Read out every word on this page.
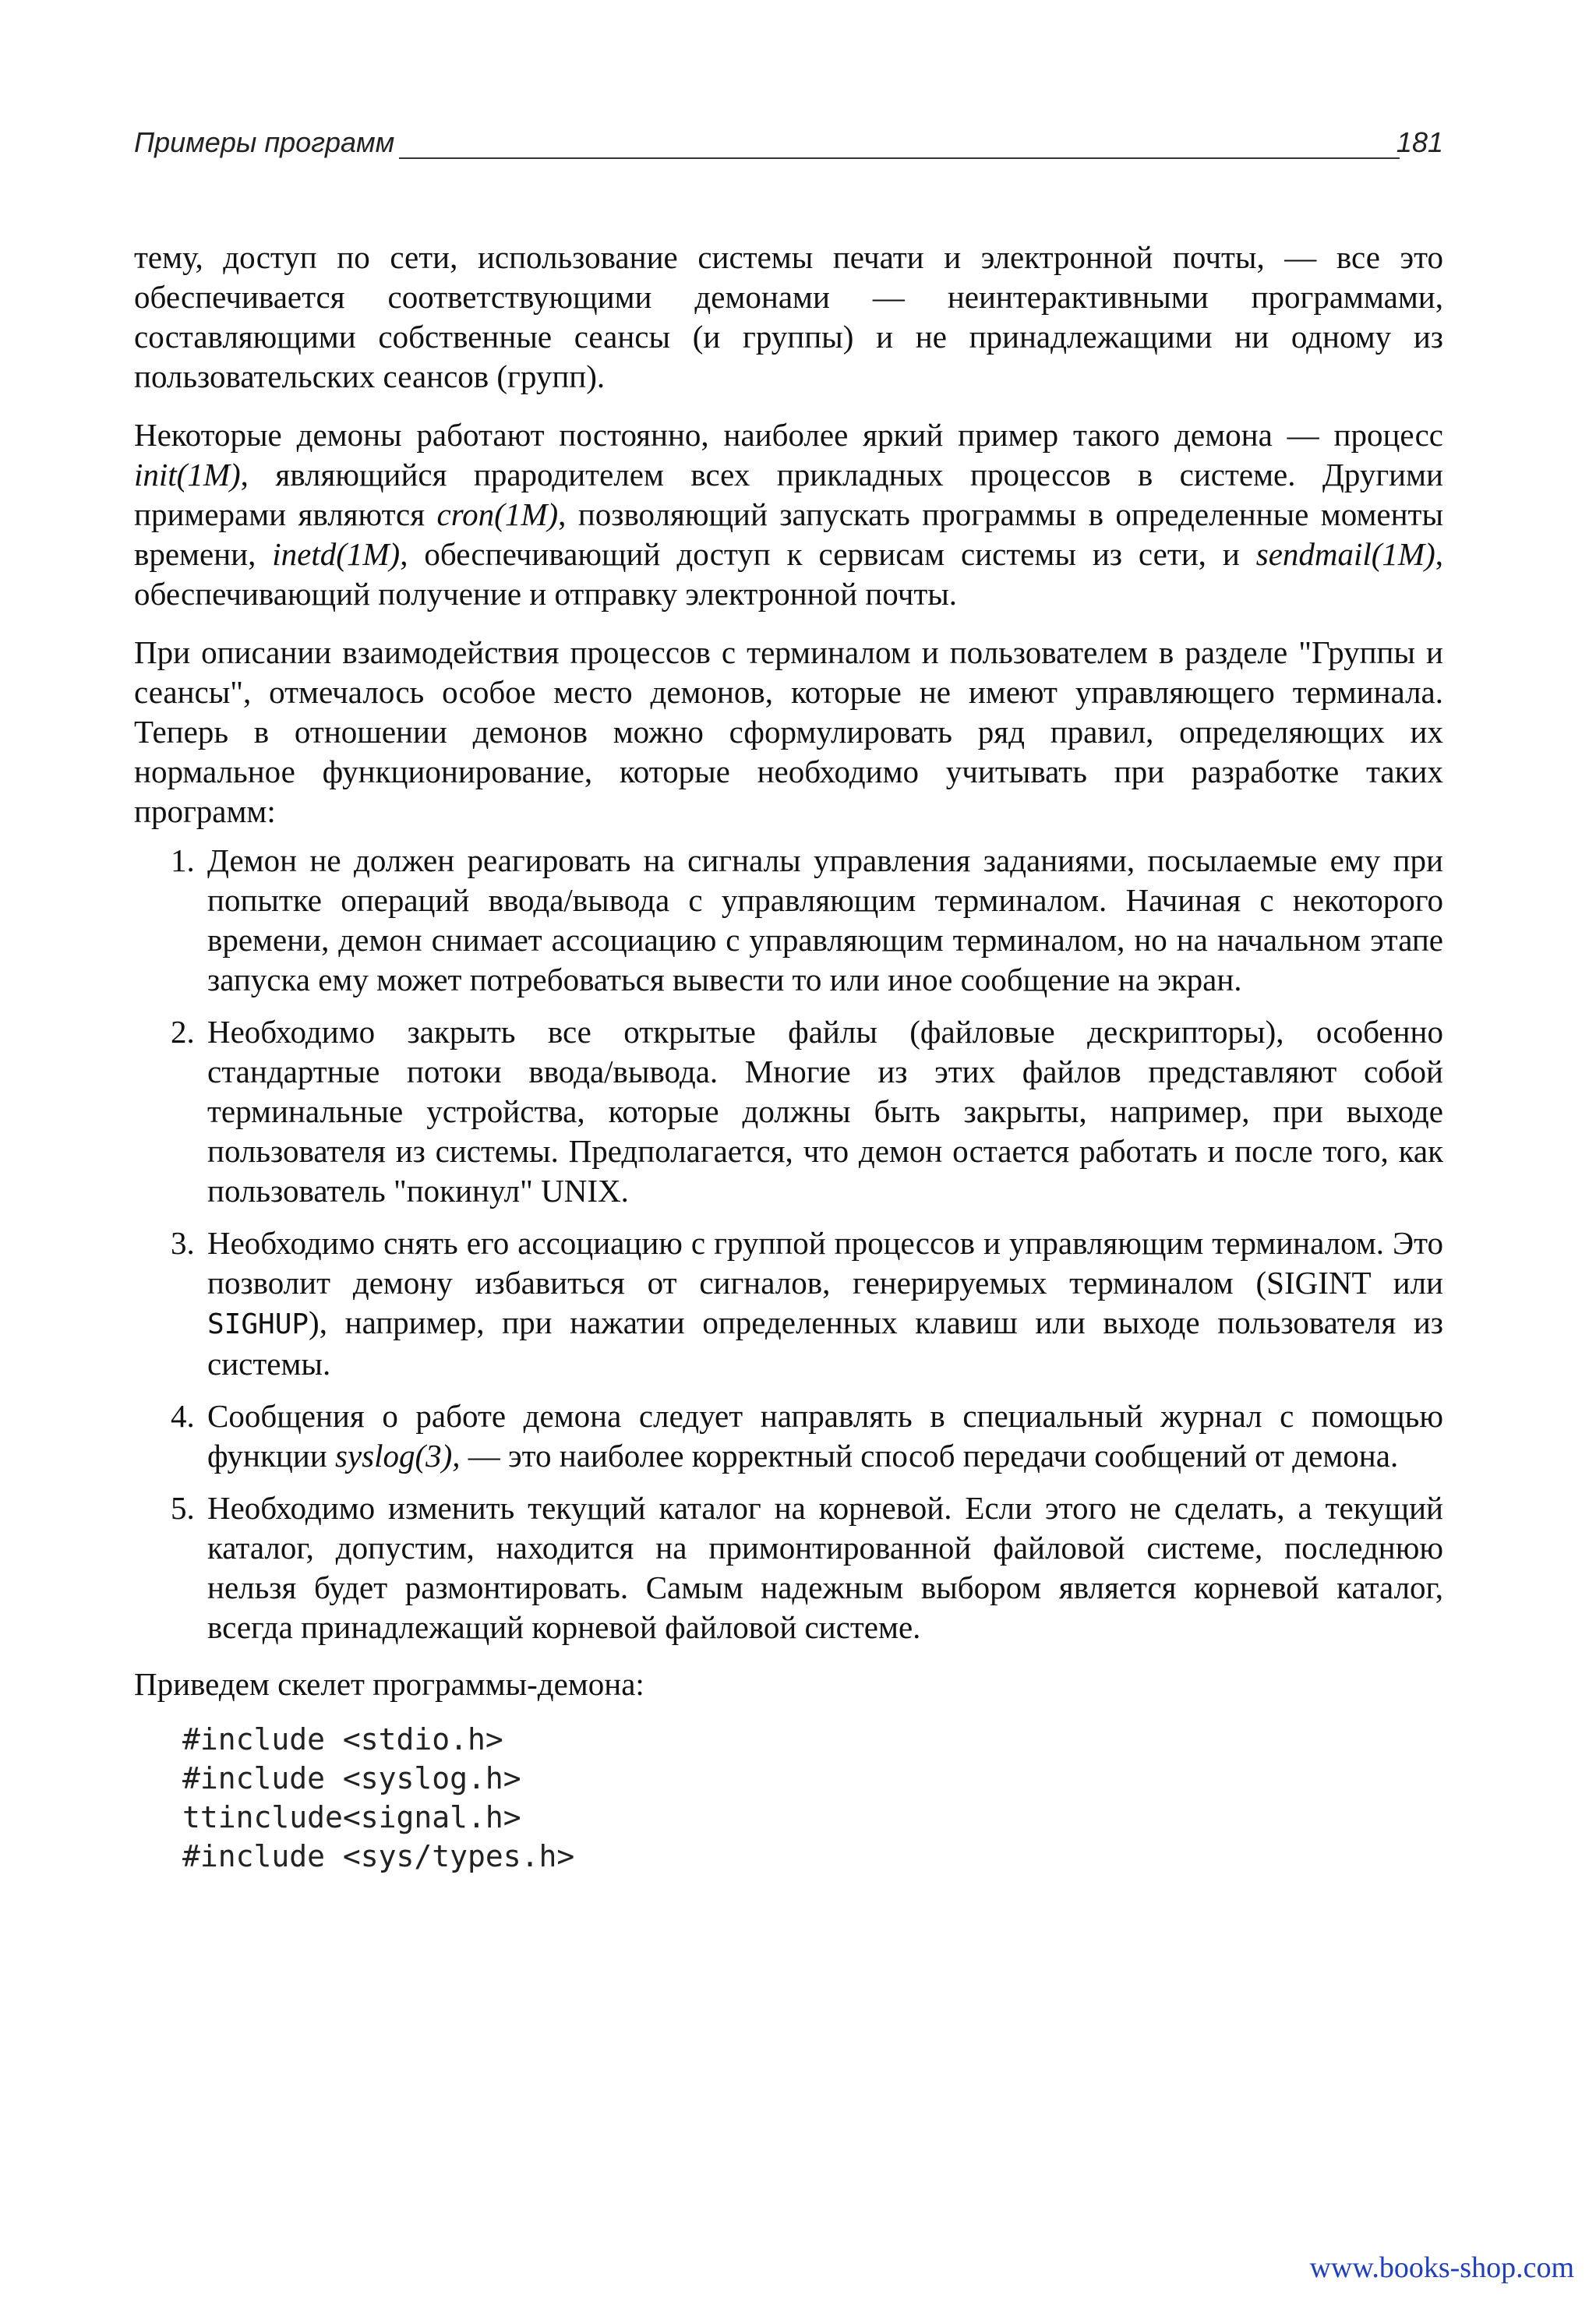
Примеры программ	181

тему, доступ по сети, использование системы печати и электронной почты, — все это обеспечивается соответствующими демонами — неинтерактивными программами, составляющими собственные сеансы (и группы) и не принадлежащими ни одному из пользовательских сеансов (групп).

Некоторые демоны работают постоянно, наиболее яркий пример такого демона — процесс init(1M), являющийся прародителем всех прикладных процессов в системе. Другими примерами являются cron(1M), позволяющий запускать программы в определенные моменты времени, inetd(1M), обеспечивающий доступ к сервисам системы из сети, и sendmail(1M), обеспечивающий получение и отправку электронной почты.

При описании взаимодействия процессов с терминалом и пользователем в разделе "Группы и сеансы", отмечалось особое место демонов, которые не имеют управляющего терминала. Теперь в отношении демонов можно сформулировать ряд правил, определяющих их нормальное функционирование, которые необходимо учитывать при разработке таких программ:

1. Демон не должен реагировать на сигналы управления заданиями, посылаемые ему при попытке операций ввода/вывода с управляющим терминалом. Начиная с некоторого времени, демон снимает ассоциацию с управляющим терминалом, но на начальном этапе запуска ему может потребоваться вывести то или иное сообщение на экран.
2. Необходимо закрыть все открытые файлы (файловые дескрипторы), особенно стандартные потоки ввода/вывода. Многие из этих файлов представляют собой терминальные устройства, которые должны быть закрыты, например, при выходе пользователя из системы. Предполагается, что демон остается работать и после того, как пользователь "покинул" UNIX.
3. Необходимо снять его ассоциацию с группой процессов и управляющим терминалом. Это позволит демону избавиться от сигналов, генерируемых терминалом (SIGINT или SIGHUP), например, при нажатии определенных клавиш или выходе пользователя из системы.
4. Сообщения о работе демона следует направлять в специальный журнал с помощью функции syslog(3), — это наиболее корректный способ передачи сообщений от демона.
5. Необходимо изменить текущий каталог на корневой. Если этого не сделать, а текущий каталог, допустим, находится на примонтированной файловой системе, последнюю нельзя будет размонтировать. Самым надежным выбором является корневой каталог, всегда принадлежащий корневой файловой системе.

Приведем скелет программы-демона:

#include <stdio.h>
#include <syslog.h>
ttinclude<signal.h>
#include <sys/types.h>
www.books-shop.com
